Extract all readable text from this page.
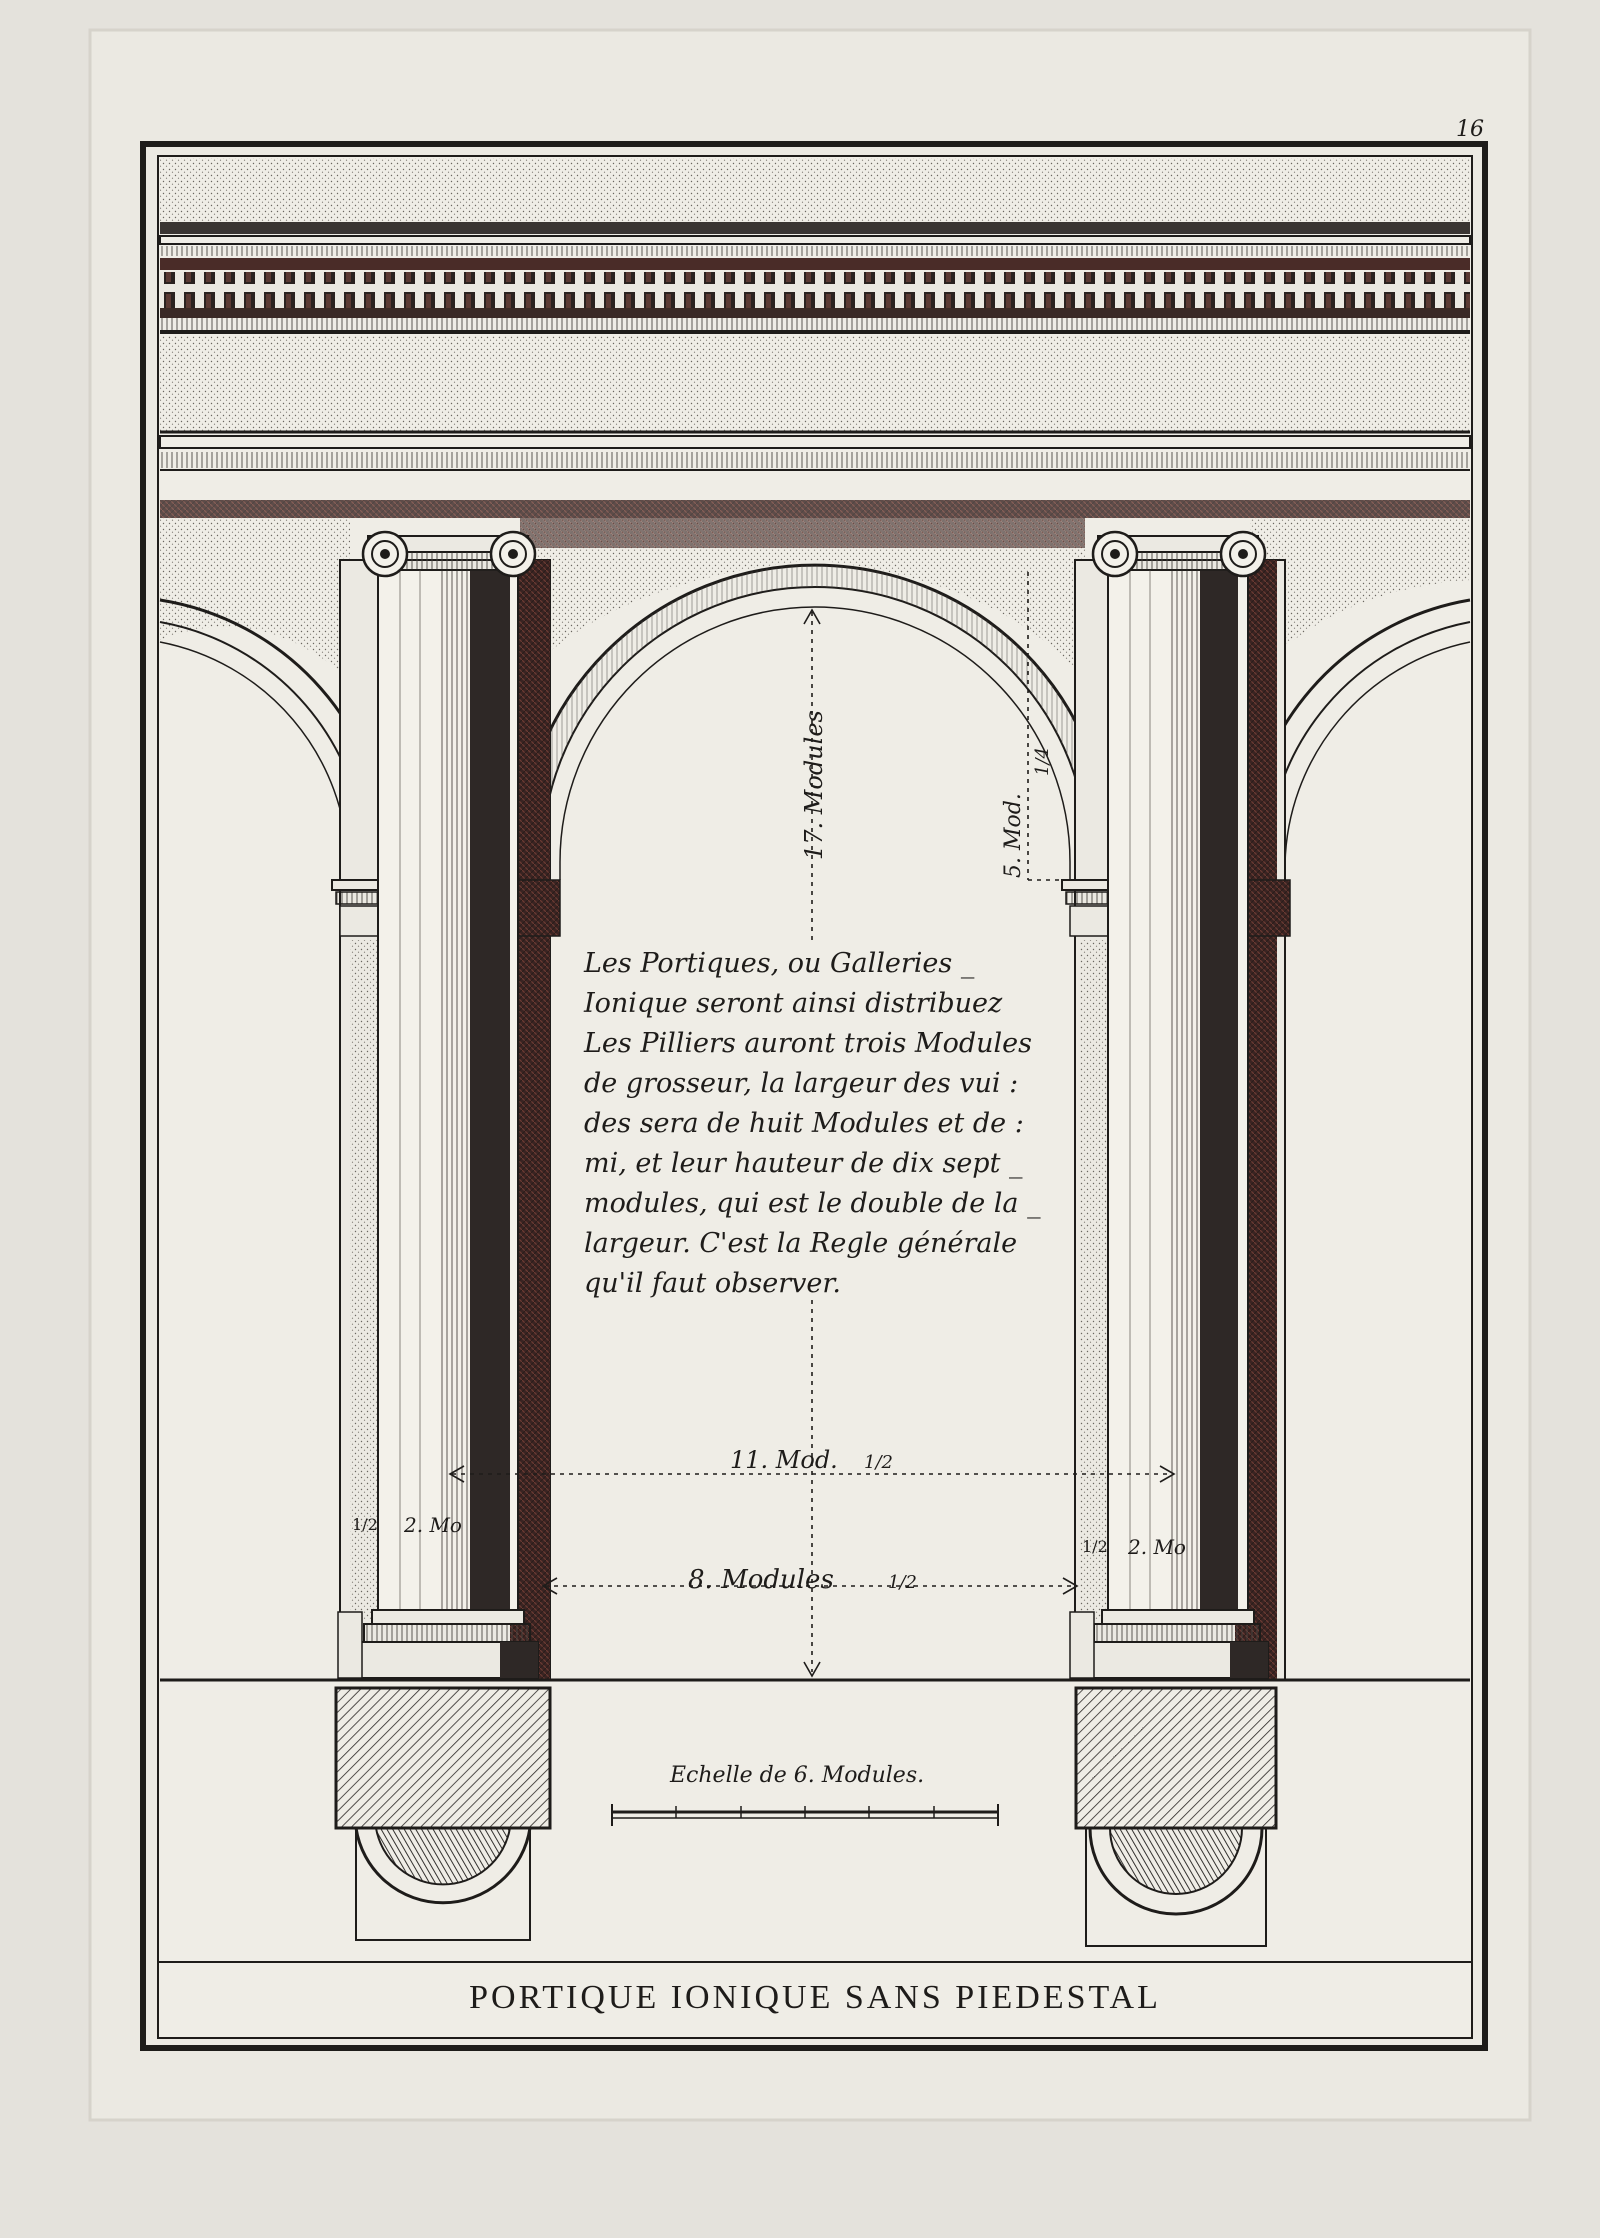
16
Les Portiques, ou Galleries _
Ionique seront ainsi distribuez
Les Pilliers auront trois Modules
de grosseur, la largeur des vui :
des sera de huit Modules et de :
mi, et leur hauteur de dix sept _
modules, qui est le double de la _
largeur. C'est la Regle générale
qu'il faut observer.
17. Modules	5. Mod.
1/4
11. Mod. 1/2
8. Modules	1/2
1/2 2. Mo
1/2 2. Mo
Echelle de 6. Modules.
PORTIQUE IONIQUE SANS PIEDESTAL
